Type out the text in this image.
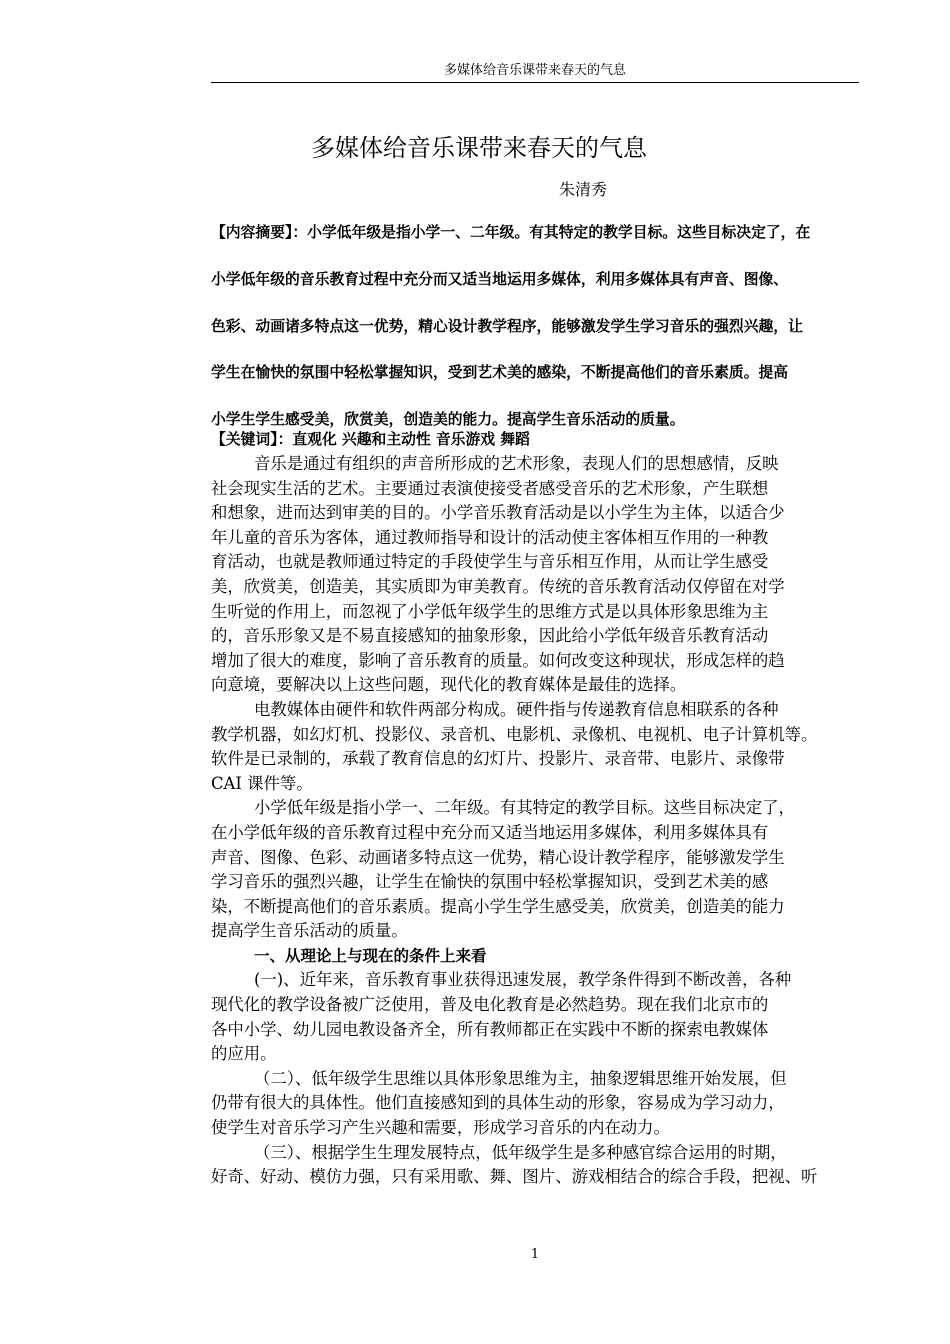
多媒体给音乐课带来春天的气息
多媒体给音乐课带来春天的气息
朱清秀
【内容摘要】：小学低年级是指小学一、二年级。有其特定的教学目标。这些目标决定了，在
小学低年级的音乐教育过程中充分而又适当地运用多媒体，利用多媒体具有声音、图像、
色彩、动画诸多特点这一优势，精心设计教学程序，能够激发学生学习音乐的强烈兴趣，让
学生在愉快的氛围中轻松掌握知识，受到艺术美的感染，不断提高他们的音乐素质。提高
小学生学生感受美，欣赏美，创造美的能力。提高学生音乐活动的质量。
【关键词】：直观化 兴趣和主动性 音乐游戏 舞蹈
音乐是通过有组织的声音所形成的艺术形象，表现人们的思想感情，反映
社会现实生活的艺术。主要通过表演使接受者感受音乐的艺术形象，产生联想
和想象，进而达到审美的目的。小学音乐教育活动是以小学生为主体，以适合少
年儿童的音乐为客体，通过教师指导和设计的活动使主客体相互作用的一种教
育活动，也就是教师通过特定的手段使学生与音乐相互作用，从而让学生感受
美，欣赏美，创造美，其实质即为审美教育。传统的音乐教育活动仅停留在对学
生听觉的作用上，而忽视了小学低年级学生的思维方式是以具体形象思维为主
的，音乐形象又是不易直接感知的抽象形象，因此给小学低年级音乐教育活动
增加了很大的难度，影响了音乐教育的质量。如何改变这种现状，形成怎样的趋
向意境，要解决以上这些问题，现代化的教育媒体是最佳的选择。
电教媒体由硬件和软件两部分构成。硬件指与传递教育信息相联系的各种
教学机器，如幻灯机、投影仪、录音机、电影机、录像机、电视机、电子计算机等。
软件是已录制的，承载了教育信息的幻灯片、投影片、录音带、电影片、录像带
CAI 课件等。
小学低年级是指小学一、二年级。有其特定的教学目标。这些目标决定了，
在小学低年级的音乐教育过程中充分而又适当地运用多媒体，利用多媒体具有
声音、图像、色彩、动画诸多特点这一优势，精心设计教学程序，能够激发学生
学习音乐的强烈兴趣，让学生在愉快的氛围中轻松掌握知识，受到艺术美的感
染，不断提高他们的音乐素质。提高小学生学生感受美，欣赏美，创造美的能力
提高学生音乐活动的质量。
一、从理论上与现在的条件上来看
(一)、近年来，音乐教育事业获得迅速发展，教学条件得到不断改善，各种
现代化的教学设备被广泛使用，普及电化教育是必然趋势。现在我们北京市的
各中小学、幼儿园电教设备齐全，所有教师都正在实践中不断的探索电教媒体
的应用。
（二）、低年级学生思维以具体形象思维为主，抽象逻辑思维开始发展，但
仍带有很大的具体性。他们直接感知到的具体生动的形象，容易成为学习动力，
使学生对音乐学习产生兴趣和需要，形成学习音乐的内在动力。
（三）、根据学生生理发展特点，低年级学生是多种感官综合运用的时期，
好奇、好动、模仿力强，只有采用歌、舞、图片、游戏相结合的综合手段，把视、听
1
